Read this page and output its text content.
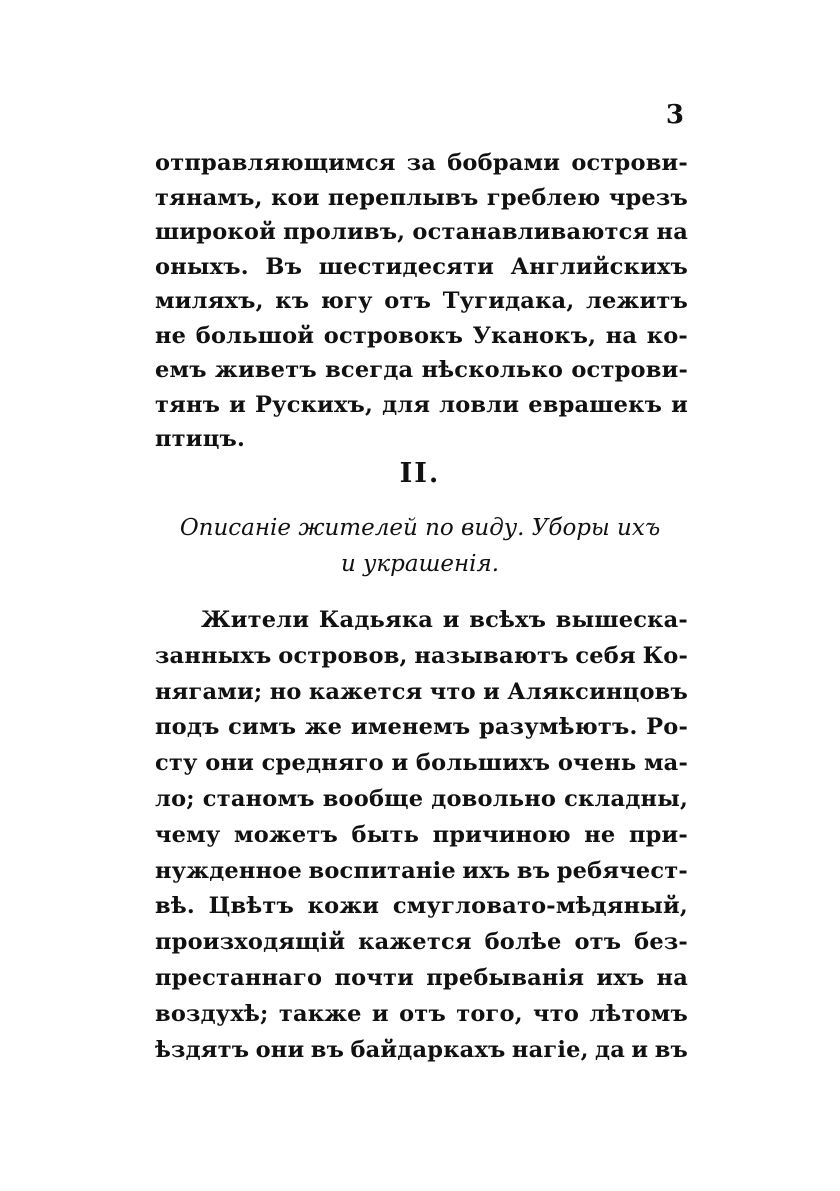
3
отправляющимся за бобрами острови-
тянамъ, кои переплывъ греблею чрезъ
широкой проливъ, останавливаются на
оныхъ. Въ шестидесяти Английскихъ
миляхъ, къ югу отъ Тугидака, лежитъ
не большой островокъ Уканокъ, на ко-
емъ живетъ всегда нѣсколько острови-
тянъ и Рускихъ, для ловли еврашекъ и
птицъ.
II.
Описаніе жителей по виду. Уборы ихъ
и украшенія.
Жители Кадьяка и всѣхъ вышеска-
занныхъ островов, называютъ себя Ко-
нягами; но кажется что и Аляксинцовъ
подъ симъ же именемъ разумѣютъ. Ро-
сту они средняго и большихъ очень ма-
ло; станомъ вообще довольно складны,
чему можетъ быть причиною не при-
нужденное воспитаніе ихъ въ ребячест-
вѣ. Цвѣтъ кожи смугловато-мѣдяный,
произходящій кажется болѣе отъ без-
престаннаго почти пребыванія ихъ на
воздухѣ; также и отъ того, что лѣтомъ
ѣздятъ они въ байдаркахъ нагіе, да и въ
